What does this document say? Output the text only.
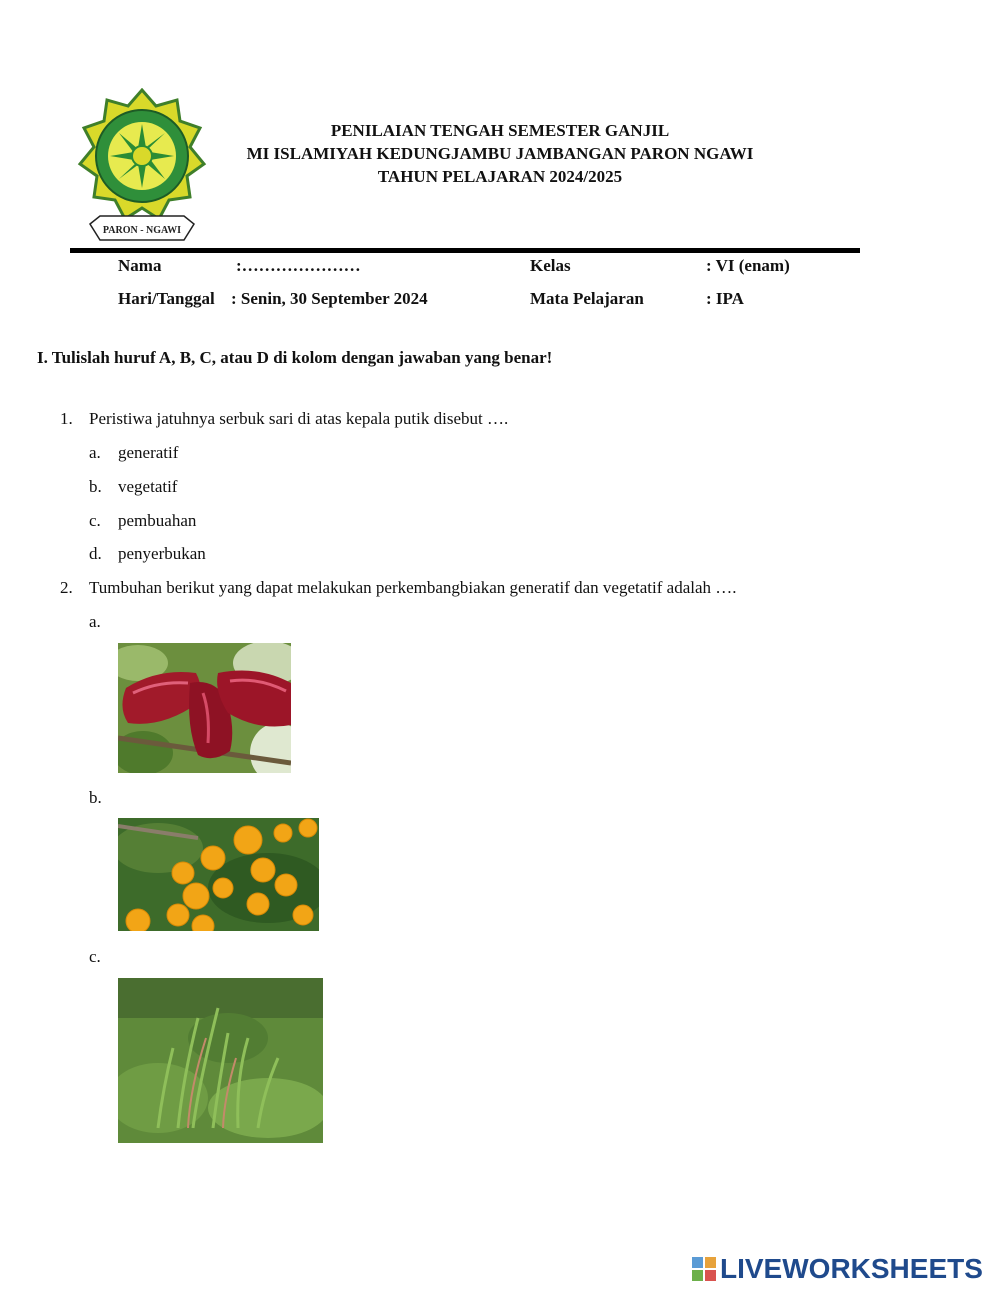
PARON - NGAWI
PENILAIAN TENGAH SEMESTER GANJIL
MI ISLAMIYAH KEDUNGJAMBU JAMBANGAN PARON NGAWI
TAHUN PELAJARAN 2024/2025
Nama	:…………………	Kelas	: VI (enam)
Hari/Tanggal : Senin, 30 September 2024	Mata Pelajaran	: IPA
I. Tulislah huruf A, B, C, atau D di kolom dengan jawaban yang benar!
1. Peristiwa jatuhnya serbuk sari di atas kepala putik disebut ….
a. generatif
b. vegetatif
c. pembuahan
d. penyerbukan
2. Tumbuhan berikut yang dapat melakukan perkembangbiakan generatif dan vegetatif adalah ….
a.
b.
c.
LIVEWORKSHEETS
